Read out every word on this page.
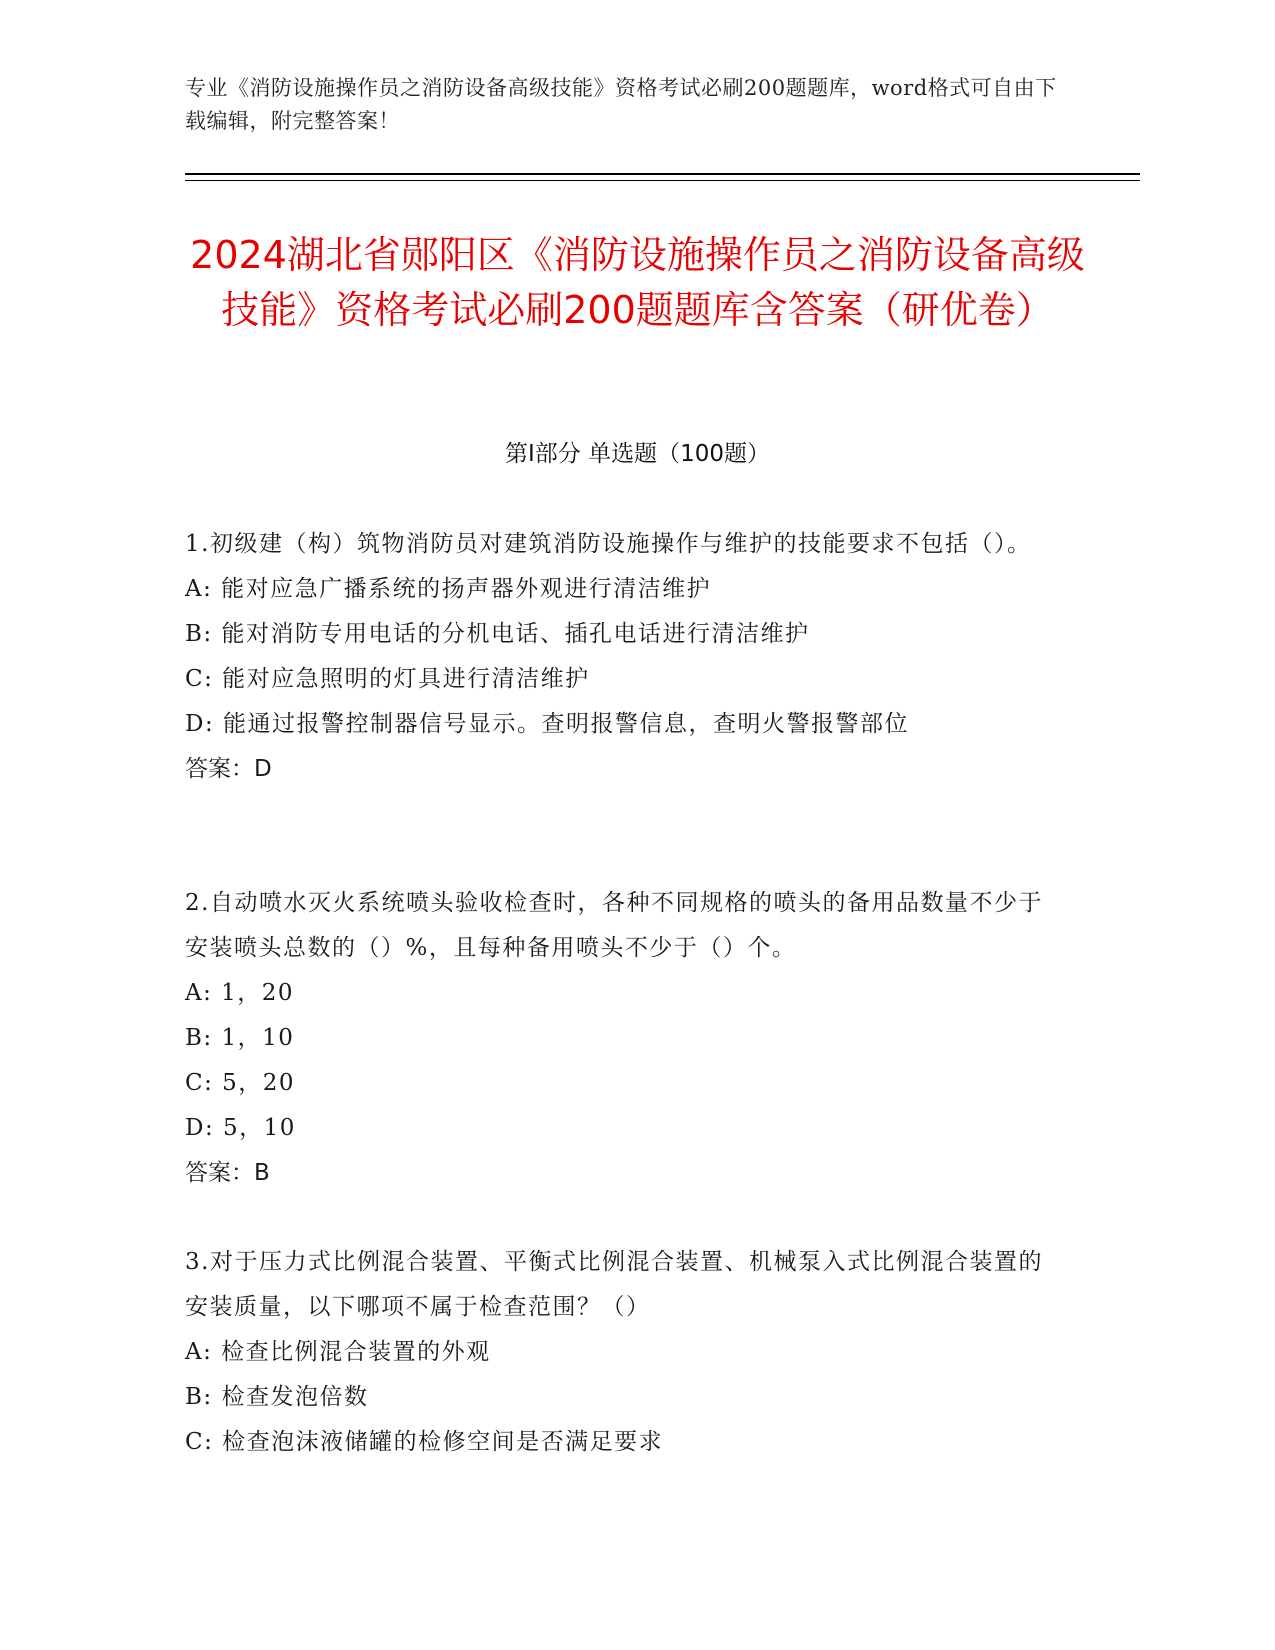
专业《消防设施操作员之消防设备高级技能》资格考试必刷200题题库，word格式可自由下载编辑，附完整答案！
2024湖北省郧阳区《消防设施操作员之消防设备高级技能》资格考试必刷200题题库含答案（研优卷）
第I部分 单选题（100题）

1.初级建（构）筑物消防员对建筑消防设施操作与维护的技能要求不包括（）。

A: 能对应急广播系统的扬声器外观进行清洁维护

B: 能对消防专用电话的分机电话、插孔电话进行清洁维护

C: 能对应急照明的灯具进行清洁维护

D: 能通过报警控制器信号显示。查明报警信息，查明火警报警部位

答案：D

2.自动喷水灭火系统喷头验收检查时，各种不同规格的喷头的备用品数量不少于安装喷头总数的（）%，且每种备用喷头不少于（）个。

A: 1，20

B: 1，10

C: 5，20

D: 5，10

答案：B

3.对于压力式比例混合装置、平衡式比例混合装置、机械泵入式比例混合装置的安装质量，以下哪项不属于检查范围？（）

A: 检查比例混合装置的外观

B: 检查发泡倍数

C: 检查泡沫液储罐的检修空间是否满足要求
